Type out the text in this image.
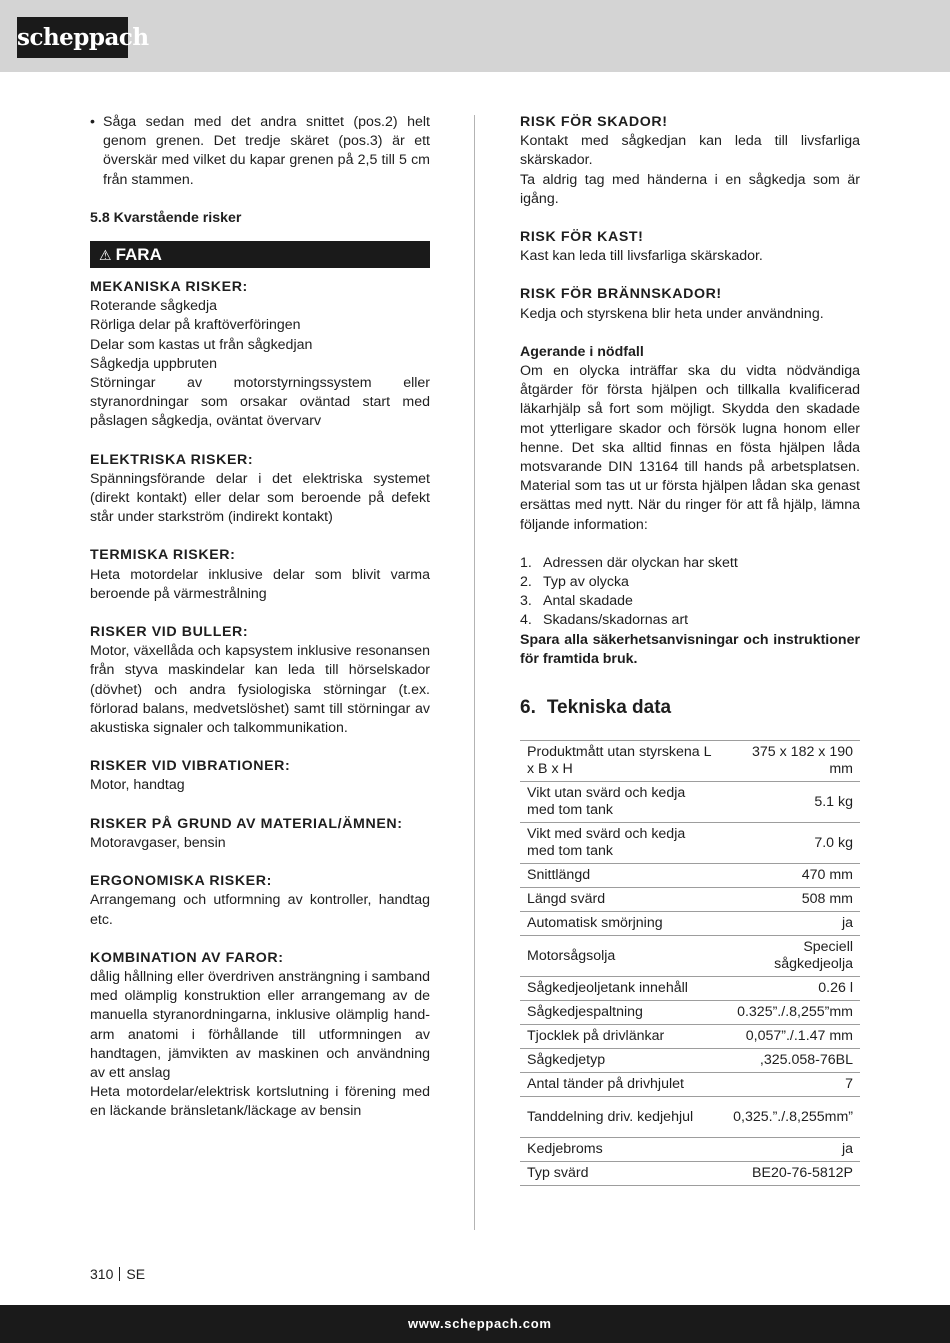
scheppach
• Såga sedan med det andra snittet (pos.2) helt genom grenen. Det tredje skäret (pos.3) är ett överskär med vilket du kapar grenen på 2,5 till 5 cm från stammen.

5.8 Kvarstående risker

⚠ FARA

MEKANISKA RISKER:

Roterande sågkedja

Rörliga delar på kraftöverföringen

Delar som kastas ut från sågkedjan

Sågkedja uppbruten

Störningar av motorstyrningssystem eller styranordningar som orsakar oväntad start med påslagen sågkedja, oväntat övervarv

ELEKTRISKA RISKER:

Spänningsförande delar i det elektriska systemet (direkt kontakt) eller delar som beroende på defekt står under starkström (indirekt kontakt)

TERMISKA RISKER:

Heta motordelar inklusive delar som blivit varma beroende på värmestrålning

RISKER VID BULLER:

Motor, växellåda och kapsystem inklusive resonansen från styva maskindelar kan leda till hörselskador (dövhet) och andra fysiologiska störningar (t.ex. förlorad balans, medvetslöshet) samt till störningar av akustiska signaler och talkommunikation.

RISKER VID VIBRATIONER:

Motor, handtag

RISKER PÅ GRUND AV MATERIAL/ÄMNEN:

Motoravgaser, bensin

ERGONOMISKA RISKER:

Arrangemang och utformning av kontroller, handtag etc.

KOMBINATION AV FAROR:

dålig hållning eller överdriven ansträngning i samband med olämplig konstruktion eller arrangemang av de manuella styranordningarna, inklusive olämplig hand-arm anatomi i förhållande till utformningen av handtagen, jämvikten av maskinen och användning av ett anslag

Heta motordelar/elektrisk kortslutning i förening med en läckande bränsletank/läckage av bensin

RISK FÖR SKADOR!

Kontakt med sågkedjan kan leda till livsfarliga skärskador.

Ta aldrig tag med händerna i en sågkedja som är igång.

RISK FÖR KAST!

Kast kan leda till livsfarliga skärskador.

RISK FÖR BRÄNNSKADOR!

Kedja och styrskena blir heta under användning.

Agerande i nödfall

Om en olycka inträffar ska du vidta nödvändiga åtgärder för första hjälpen och tillkalla kvalificerad läkarhjälp så fort som möjligt. Skydda den skadade mot ytterligare skador och försök lugna honom eller henne. Det ska alltid finnas en fösta hjälpen låda motsvarande DIN 13164 till hands på arbetsplatsen. Material som tas ut ur första hjälpen lådan ska genast ersättas med nytt. När du ringer för att få hjälp, lämna följande information:

1. Adressen där olyckan har skett
2. Typ av olycka
3. Antal skadade
4. Skadans/skadornas art

Spara alla säkerhetsanvisningar och instruktioner för framtida bruk.

6. Tekniska data
Produktmått utan styrskena L x B x H	375 x 182 x 190 mm
Vikt utan svärd och kedja med tom tank	5.1 kg
Vikt med svärd och kedja med tom tank	7.0 kg
Snittlängd	470 mm
Längd svärd	508 mm
Automatisk smörjning	ja
Motorsågsolja	Speciell sågkedjeolja
Sågkedjeoljetank innehåll	0.26 l
Sågkedjespaltning	0.325”./.8,255”mm
Tjocklek på drivlänkar	0,057”./.1.47 mm
Sågkedjetyp	,325.058-76BL
Antal tänder på drivhjulet	7
Tanddelning driv. kedjehjul	0,325.”./.8,255mm”
Kedjebroms	ja
Typ svärd	BE20-76-5812P
310 SE
www.scheppach.com
